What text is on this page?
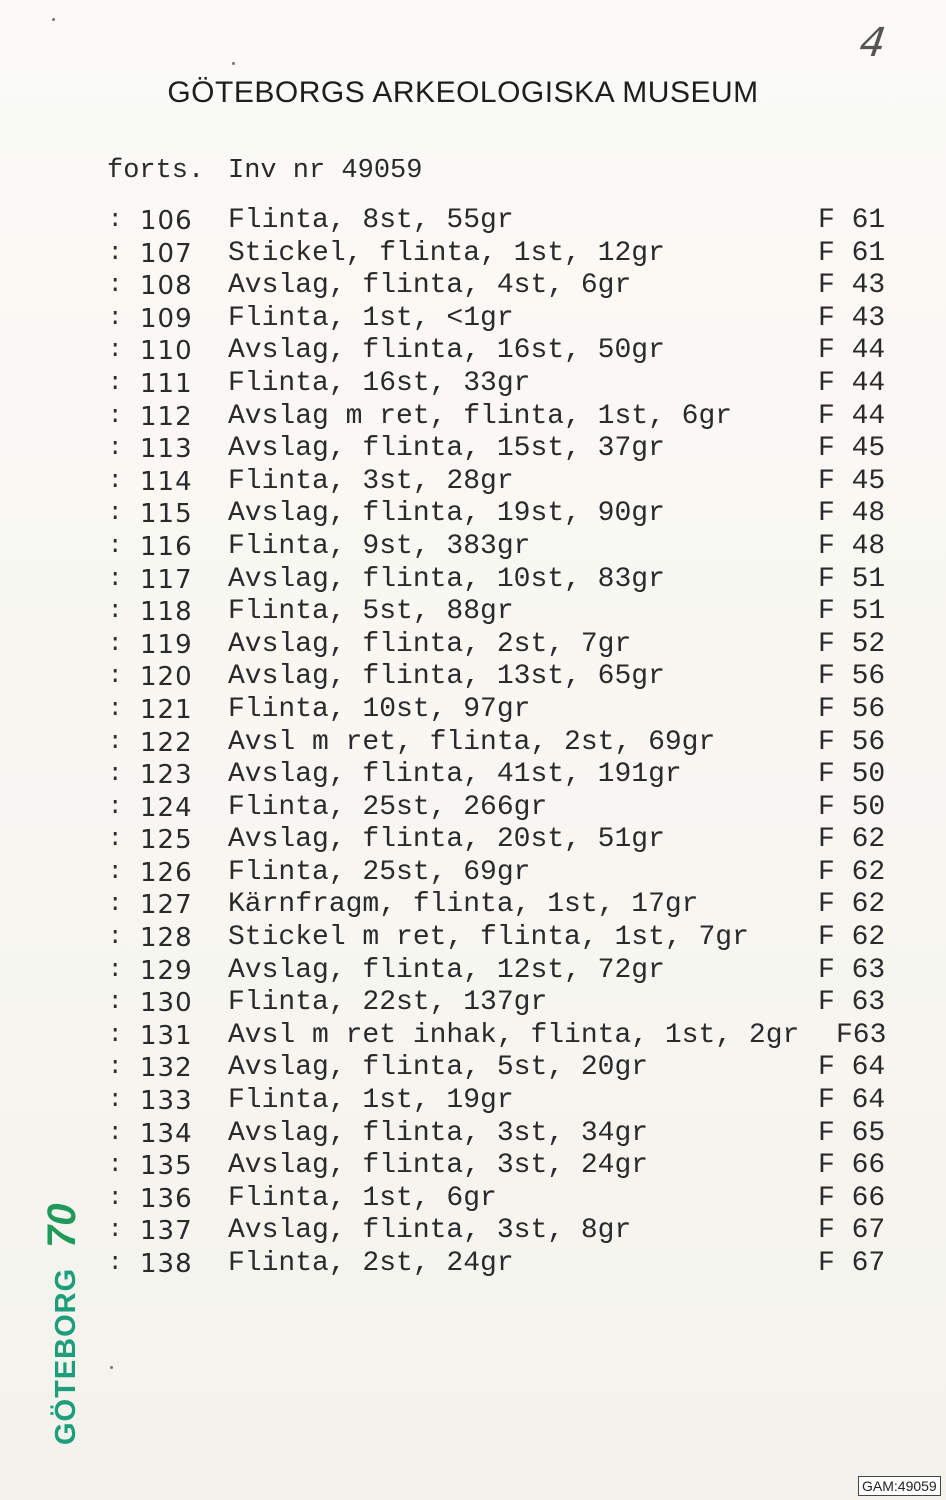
4
GÖTEBORGS ARKEOLOGISKA MUSEUM
forts. Inv nr 49059
: 106 Flinta, 8st, 55gr	F 61
: 107 Stickel, flinta, 1st, 12gr	F 61
: 108 Avslag, flinta, 4st, 6gr	F 43
: 109 Flinta, 1st, <1gr	F 43
: 110 Avslag, flinta, 16st, 50gr	F 44
: 111 Flinta, 16st, 33gr	F 44
: 112 Avslag m ret, flinta, 1st, 6gr	F 44
: 113 Avslag, flinta, 15st, 37gr	F 45
: 114 Flinta, 3st, 28gr	F 45
: 115 Avslag, flinta, 19st, 90gr	F 48
: 116 Flinta, 9st, 383gr	F 48
: 117 Avslag, flinta, 10st, 83gr	F 51
: 118 Flinta, 5st, 88gr	F 51
: 119 Avslag, flinta, 2st, 7gr	F 52
: 120 Avslag, flinta, 13st, 65gr	F 56
: 121 Flinta, 10st, 97gr	F 56
: 122 Avsl m ret, flinta, 2st, 69gr	F 56
: 123 Avslag, flinta, 41st, 191gr	F 50
: 124 Flinta, 25st, 266gr	F 50
: 125 Avslag, flinta, 20st, 51gr	F 62
: 126 Flinta, 25st, 69gr	F 62
: 127 Kärnfragm, flinta, 1st, 17gr	F 62
: 128 Stickel m ret, flinta, 1st, 7gr F 62
: 129 Avslag, flinta, 12st, 72gr	F 63
: 130 Flinta, 22st, 137gr	F 63
: 131 Avsl m ret inhak, flinta, 1st, 2gr F63
: 132 Avslag, flinta, 5st, 20gr	F 64
: 133 Flinta, 1st, 19gr	F 64
: 134 Avslag, flinta, 3st, 34gr	F 65
: 135 Avslag, flinta, 3st, 24gr	F 66
: 136 Flinta, 1st, 6gr	F 66
: 137 Avslag, flinta, 3st, 8gr	F 67
: 138 Flinta, 2st, 24gr	F 67
70
GÖTEBORG
GAM:49059
